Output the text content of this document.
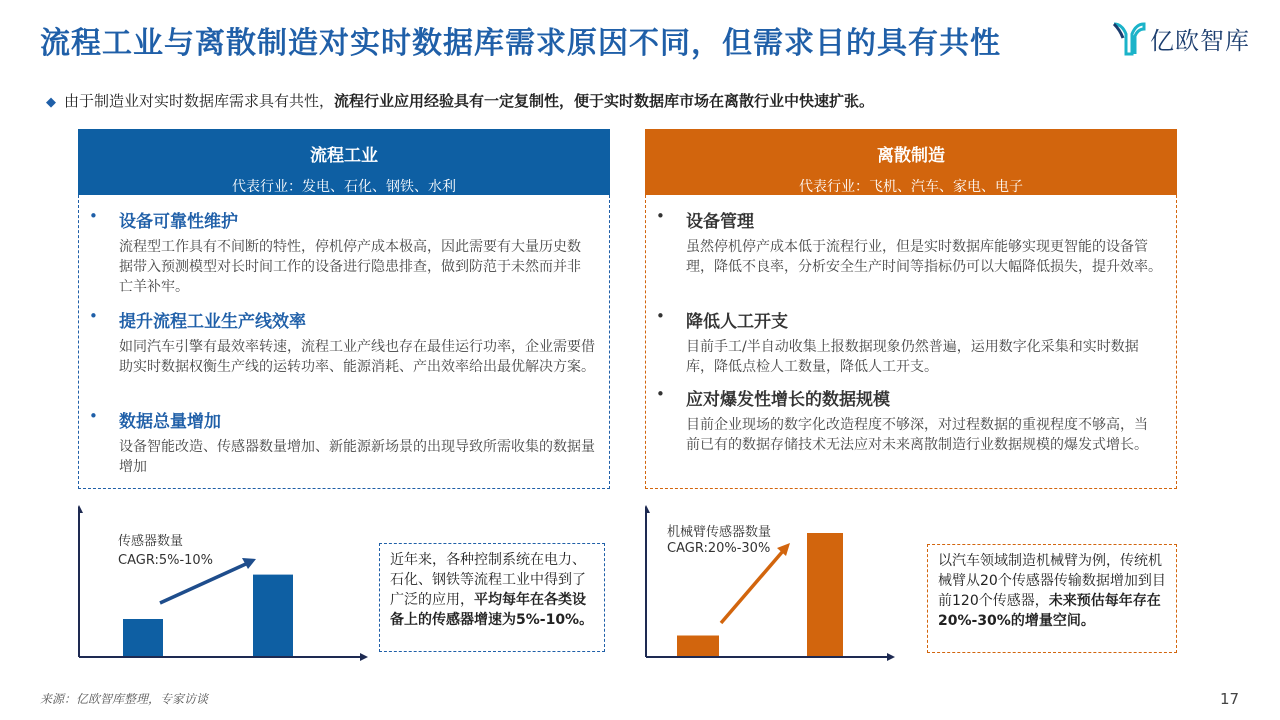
流程工业与离散制造对实时数据库需求原因不同，但需求目的具有共性	亿欧智库
◆ 由于制造业对实时数据库需求具有共性，流程行业应用经验具有一定复制性，便于实时数据库市场在离散行业中快速扩张。
流程工业
代表行业：发电、石化、钢铁、水利
• 设备可靠性维护
流程型工作具有不间断的特性，停机停产成本极高，因此需要有大量历史数据带入预测模型对长时间工作的设备进行隐患排查，做到防范于未然而并非亡羊补牢。
• 提升流程工业生产线效率
如同汽车引擎有最效率转速，流程工业产线也存在最佳运行功率，企业需要借助实时数据权衡生产线的运转功率、能源消耗、产出效率给出最优解决方案。
• 数据总量增加
设备智能改造、传感器数量增加、新能源新场景的出现导致所需收集的数据量增加
离散制造
代表行业：飞机、汽车、家电、电子
• 设备管理
虽然停机停产成本低于流程行业，但是实时数据库能够实现更智能的设备管理，降低不良率，分析安全生产时间等指标仍可以大幅降低损失，提升效率。
• 降低人工开支
目前手工/半自动收集上报数据现象仍然普遍，运用数字化采集和实时数据库，降低点检人工数量，降低人工开支。
• 应对爆发性增长的数据规模
目前企业现场的数字化改造程度不够深，对过程数据的重视程度不够高，当前已有的数据存储技术无法应对未来离散制造行业数据规模的爆发式增长。
传感器数量
CAGR:5%-10%	近年来，各种控制系统在电力、石化、钢铁等流程工业中得到了广泛的应用，平均每年在各类设备上的传感器增速为5%-10%。
机械臂传感器数量
CAGR:20%-30%
以汽车领域制造机械臂为例，传统机械臂从20个传感器传输数据增加到目前120个传感器，未来预估每年存在20%-30%的增量空间。
来源：亿欧智库整理，专家访谈	17
